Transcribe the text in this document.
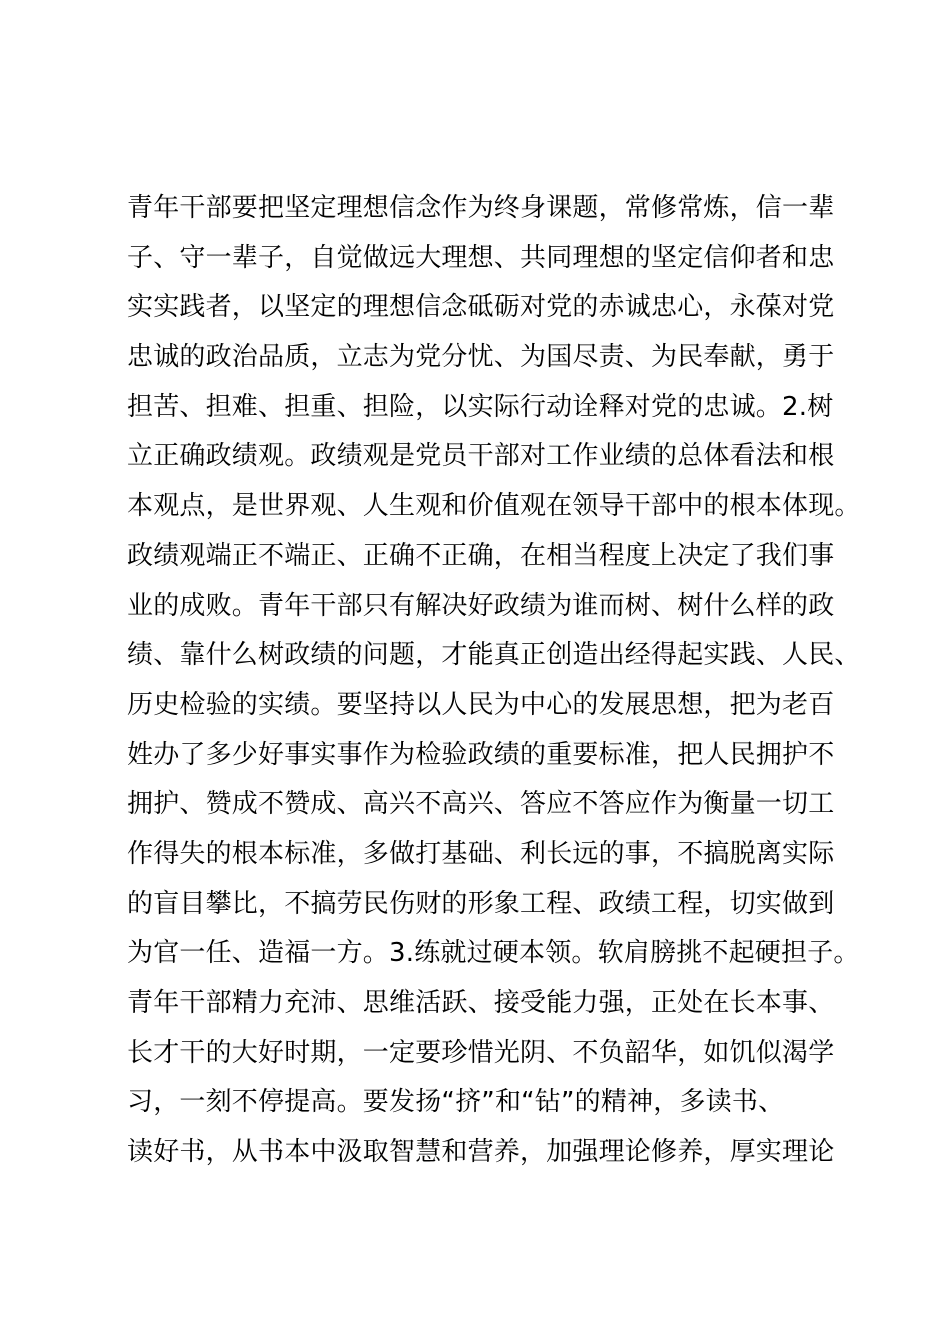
青年干部要把坚定理想信念作为终身课题，常修常炼，信一辈
子、守一辈子，自觉做远大理想、共同理想的坚定信仰者和忠
实实践者，以坚定的理想信念砥砺对党的赤诚忠心，永葆对党
忠诚的政治品质，立志为党分忧、为国尽责、为民奉献，勇于
担苦、担难、担重、担险，以实际行动诠释对党的忠诚。2.树
立正确政绩观。政绩观是党员干部对工作业绩的总体看法和根
本观点，是世界观、人生观和价值观在领导干部中的根本体现。
政绩观端正不端正、正确不正确，在相当程度上决定了我们事
业的成败。青年干部只有解决好政绩为谁而树、树什么样的政
绩、靠什么树政绩的问题，才能真正创造出经得起实践、人民、
历史检验的实绩。要坚持以人民为中心的发展思想，把为老百
姓办了多少好事实事作为检验政绩的重要标准，把人民拥护不
拥护、赞成不赞成、高兴不高兴、答应不答应作为衡量一切工
作得失的根本标准，多做打基础、利长远的事，不搞脱离实际
的盲目攀比，不搞劳民伤财的形象工程、政绩工程，切实做到
为官一任、造福一方。3.练就过硬本领。软肩膀挑不起硬担子。
青年干部精力充沛、思维活跃、接受能力强，正处在长本事、
长才干的大好时期，一定要珍惜光阴、不负韶华，如饥似渴学
习，一刻不停提高。要发扬“挤”和“钻”的精神，多读书、
读好书，从书本中汲取智慧和营养，加强理论修养，厚实理论
